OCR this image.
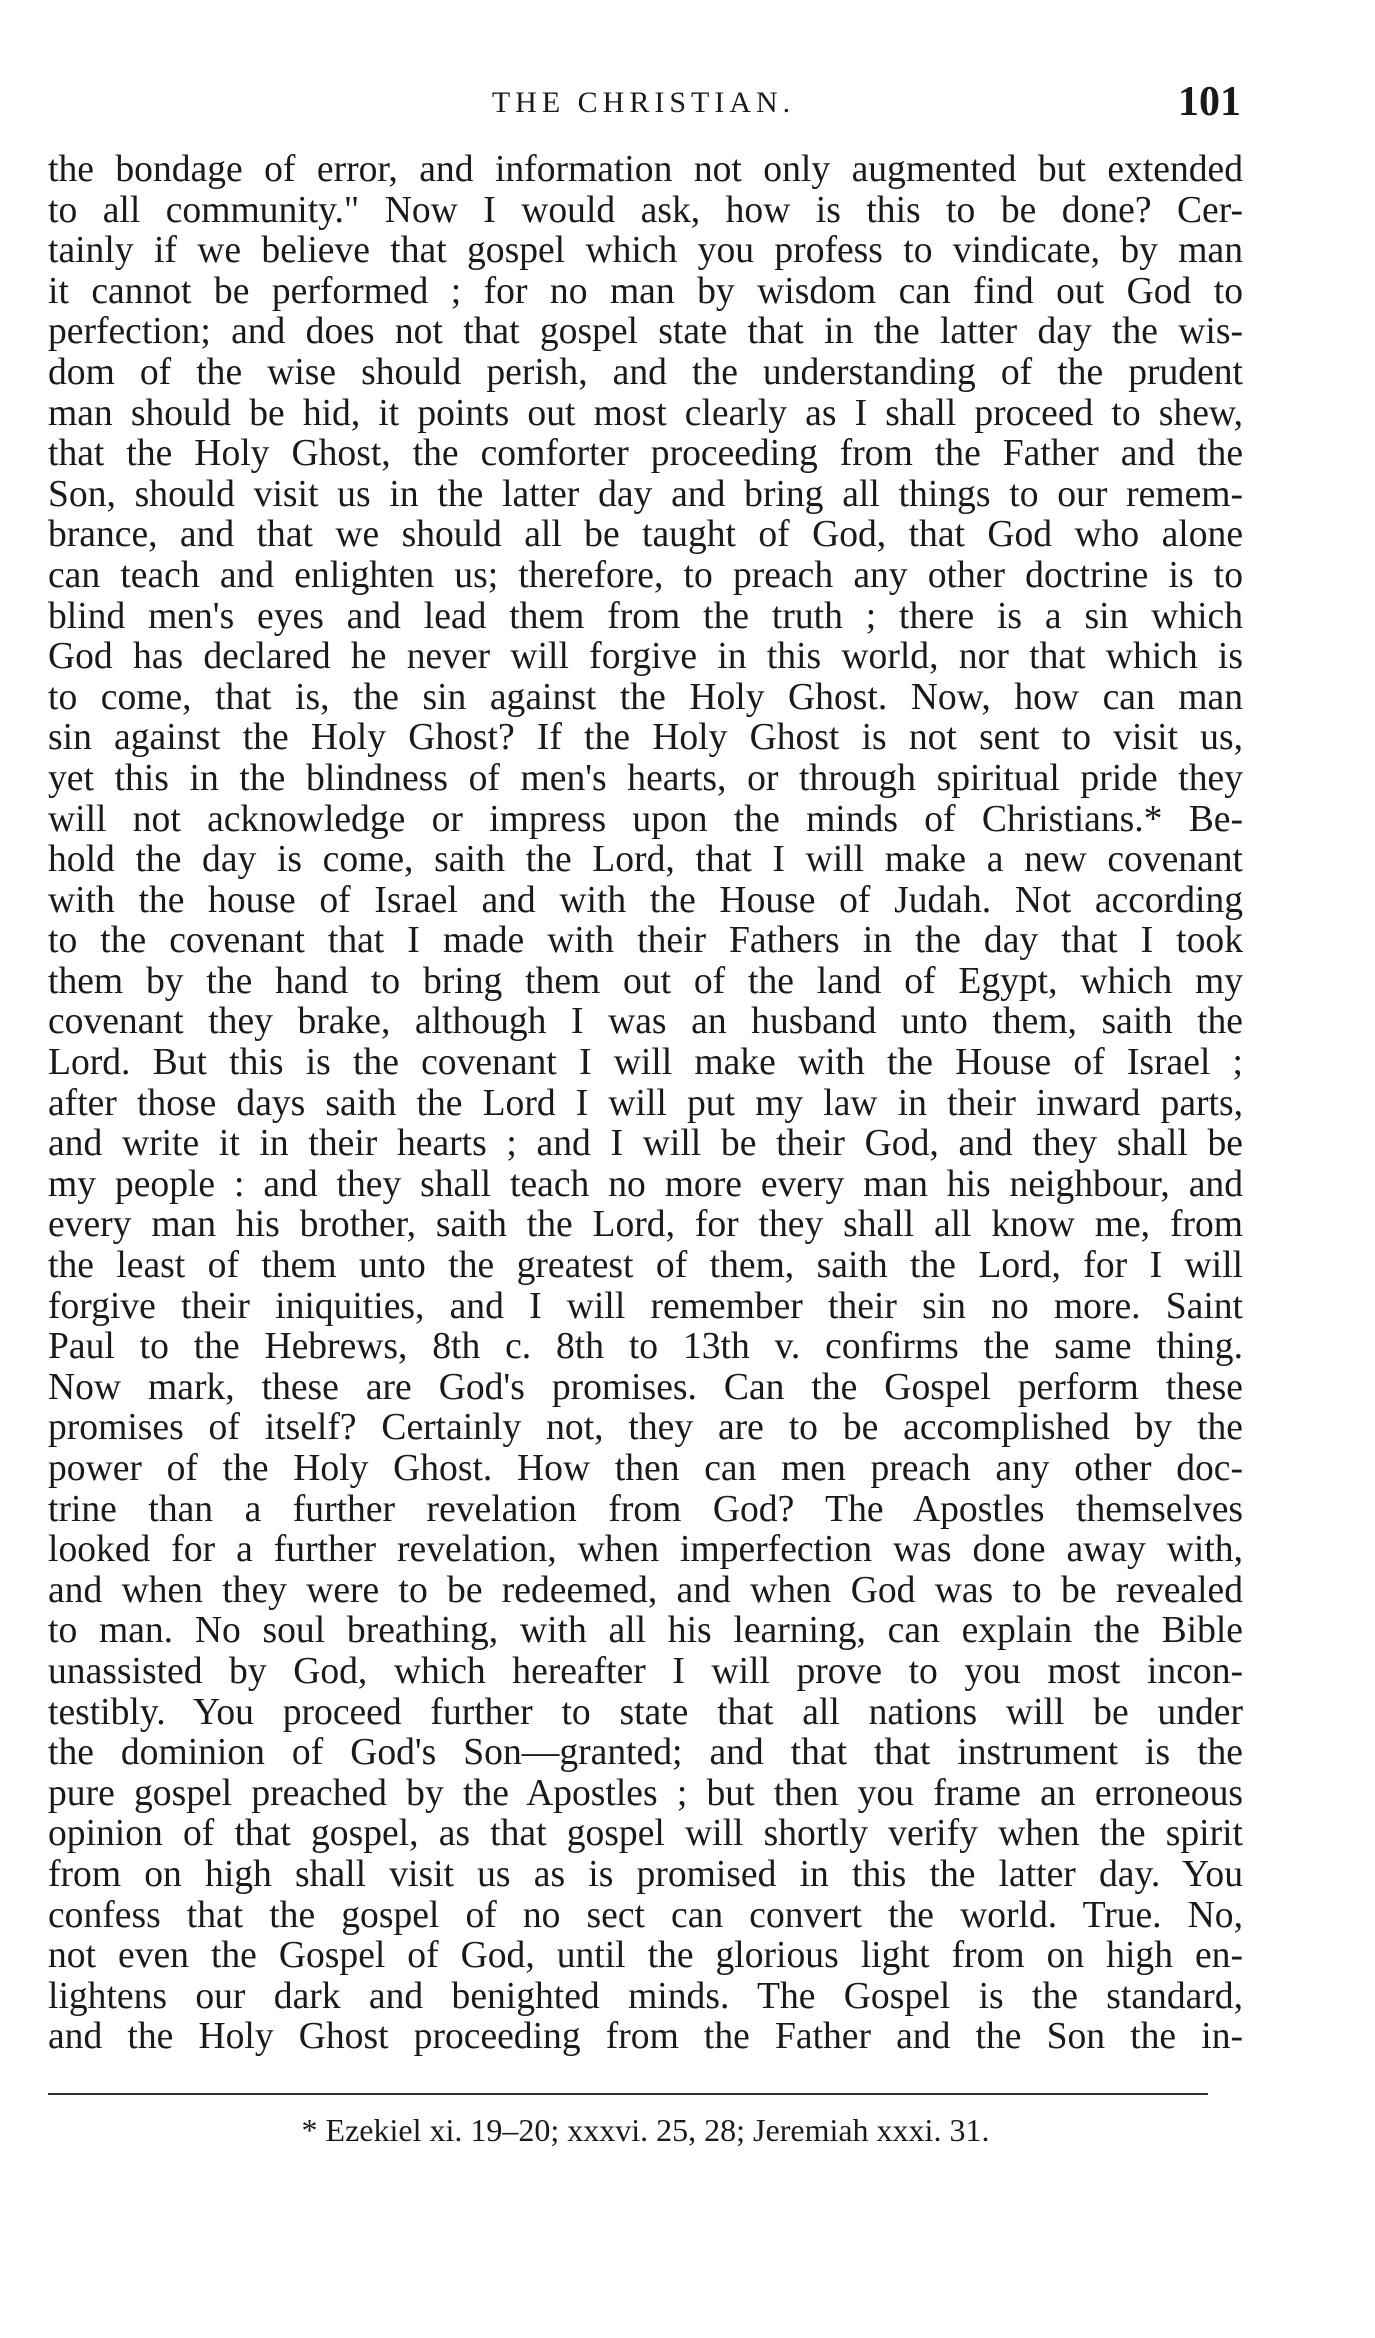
THE CHRISTIAN.	101
the bondage of error, and information not only augmented but extended
to all community." Now I would ask, how is this to be done? Cer-
tainly if we believe that gospel which you profess to vindicate, by man
it cannot be performed ; for no man by wisdom can find out God to
perfection; and does not that gospel state that in the latter day the wis-
dom of the wise should perish, and the understanding of the prudent
man should be hid, it points out most clearly as I shall proceed to shew,
that the Holy Ghost, the comforter proceeding from the Father and the
Son, should visit us in the latter day and bring all things to our remem-
brance, and that we should all be taught of God, that God who alone
can teach and enlighten us; therefore, to preach any other doctrine is to
blind men's eyes and lead them from the truth ; there is a sin which
God has declared he never will forgive in this world, nor that which is
to come, that is, the sin against the Holy Ghost. Now, how can man
sin against the Holy Ghost? If the Holy Ghost is not sent to visit us,
yet this in the blindness of men's hearts, or through spiritual pride they
will not acknowledge or impress upon the minds of Christians.* Be-
hold the day is come, saith the Lord, that I will make a new covenant
with the house of Israel and with the House of Judah. Not according
to the covenant that I made with their Fathers in the day that I took
them by the hand to bring them out of the land of Egypt, which my
covenant they brake, although I was an husband unto them, saith the
Lord. But this is the covenant I will make with the House of Israel ;
after those days saith the Lord I will put my law in their inward parts,
and write it in their hearts ; and I will be their God, and they shall be
my people : and they shall teach no more every man his neighbour, and
every man his brother, saith the Lord, for they shall all know me, from
the least of them unto the greatest of them, saith the Lord, for I will
forgive their iniquities, and I will remember their sin no more. Saint
Paul to the Hebrews, 8th c. 8th to 13th v. confirms the same thing.
Now mark, these are God's promises. Can the Gospel perform these
promises of itself? Certainly not, they are to be accomplished by the
power of the Holy Ghost. How then can men preach any other doc-
trine than a further revelation from God? The Apostles themselves
looked for a further revelation, when imperfection was done away with,
and when they were to be redeemed, and when God was to be revealed
to man. No soul breathing, with all his learning, can explain the Bible
unassisted by God, which hereafter I will prove to you most incon-
testibly. You proceed further to state that all nations will be under
the dominion of God's Son—granted; and that that instrument is the
pure gospel preached by the Apostles ; but then you frame an erroneous
opinion of that gospel, as that gospel will shortly verify when the spirit
from on high shall visit us as is promised in this the latter day. You
confess that the gospel of no sect can convert the world. True. No,
not even the Gospel of God, until the glorious light from on high en-
lightens our dark and benighted minds. The Gospel is the standard,
and the Holy Ghost proceeding from the Father and the Son the in-
* Ezekiel xi. 19–20; xxxvi. 25, 28; Jeremiah xxxi. 31.
